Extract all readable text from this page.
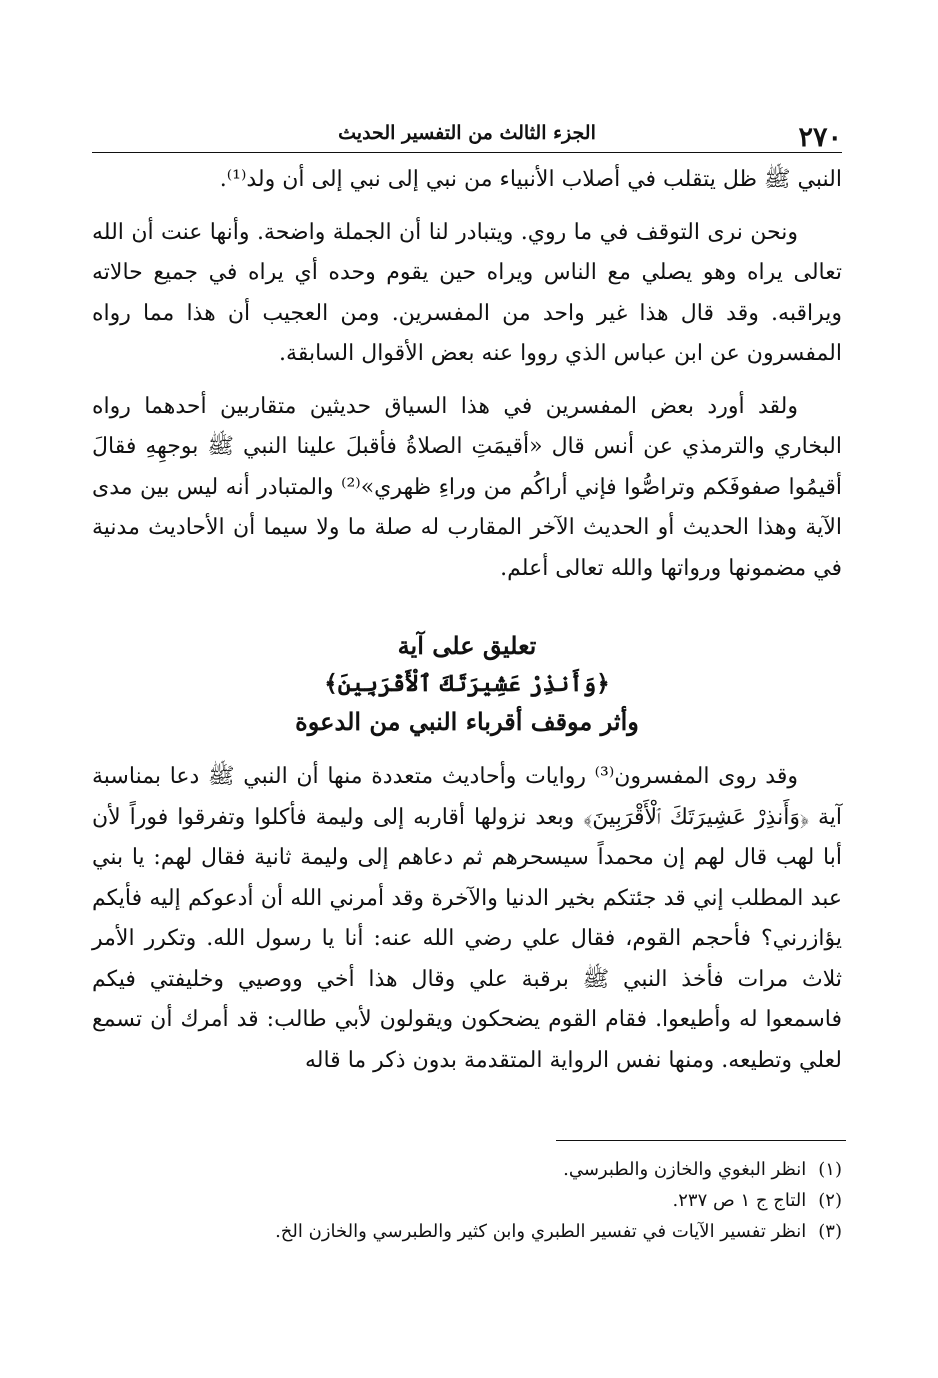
٢٧٠
الجزء الثالث من التفسير الحديث

النبي ﷺ ظل يتقلب في أصلاب الأنبياء من نبي إلى نبي إلى أن ولد⁽¹⁾.

ونحن نرى التوقف في ما روي. ويتبادر لنا أن الجملة واضحة. وأنها عنت أن الله تعالى يراه وهو يصلي مع الناس ويراه حين يقوم وحده أي يراه في جميع حالاته ويراقبه. وقد قال هذا غير واحد من المفسرين. ومن العجيب أن هذا مما رواه المفسرون عن ابن عباس الذي رووا عنه بعض الأقوال السابقة.

ولقد أورد بعض المفسرين في هذا السياق حديثين متقاربين أحدهما رواه البخاري والترمذي عن أنس قال «أقيمَتِ الصلاةُ فأقبلَ علينا النبي ﷺ بوجهِهِ فقالَ أقيمُوا صفوفَكم وتراصُّوا فإني أراكُم من وراءِ ظهري»⁽²⁾ والمتبادر أنه ليس بين مدى الآية وهذا الحديث أو الحديث الآخر المقارب له صلة ما ولا سيما أن الأحاديث مدنية في مضمونها ورواتها والله تعالى أعلم.

تعليق على آية
﴿وَأَنذِرْ عَشِيرَتَكَ ٱلْأَقْرَبِينَ﴾
وأثر موقف أقرباء النبي من الدعوة

وقد روى المفسرون⁽³⁾ روايات وأحاديث متعددة منها أن النبي ﷺ دعا بمناسبة آية ﴿وَأَنذِرْ عَشِيرَتَكَ ٱلْأَقْرَبِينَ﴾ وبعد نزولها أقاربه إلى وليمة فأكلوا وتفرقوا فوراً لأن أبا لهب قال لهم إن محمداً سيسحرهم ثم دعاهم إلى وليمة ثانية فقال لهم: يا بني عبد المطلب إني قد جئتكم بخير الدنيا والآخرة وقد أمرني الله أن أدعوكم إليه فأيكم يؤازرني؟ فأحجم القوم، فقال علي رضي الله عنه: أنا يا رسول الله. وتكرر الأمر ثلاث مرات فأخذ النبي ﷺ برقبة علي وقال هذا أخي ووصيي وخليفتي فيكم فاسمعوا له وأطيعوا. فقام القوم يضحكون ويقولون لأبي طالب: قد أمرك أن تسمع لعلي وتطيعه. ومنها نفس الرواية المتقدمة بدون ذكر ما قاله

(١)
انظر البغوي والخازن والطبرسي.
(٢)
التاج ج ١ ص ٢٣٧.
(٣)
انظر تفسير الآيات في تفسير الطبري وابن كثير والطبرسي والخازن الخ.
